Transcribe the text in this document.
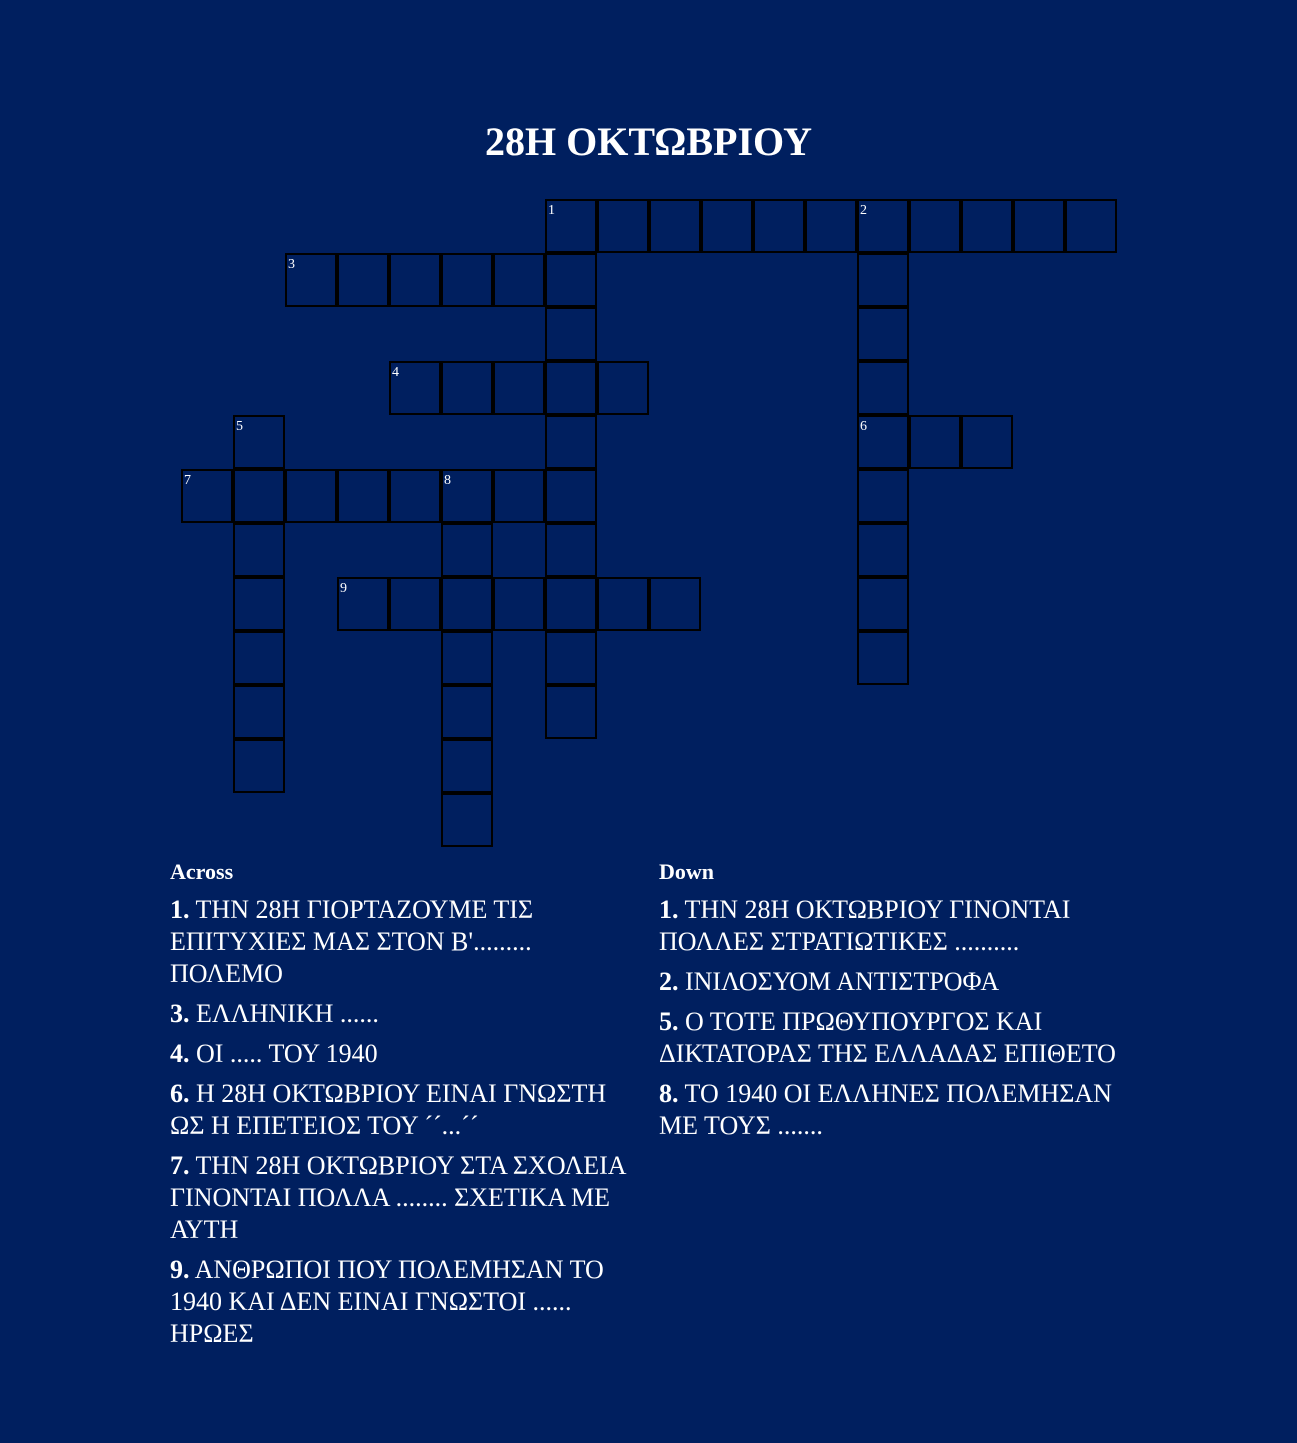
28Η ΟΚΤΩΒΡΙΟΥ
1	2
6
3
4
5
7	8
9
Across
1. ΤΗΝ 28Η ΓΙΟΡΤΑΖΟΥΜΕ ΤΙΣ ΕΠΙΤΥΧΙΕΣ ΜΑΣ ΣΤΟΝ Β'......... ΠΟΛΕΜΟ
3. ΕΛΛΗΝΙΚΗ ......
4. ΟΙ ..... ΤΟΥ 1940
6. Η 28Η ΟΚΤΩΒΡΙΟΥ ΕΙΝΑΙ ΓΝΩΣΤΗ ΩΣ Η ΕΠΕΤΕΙΟΣ ΤΟΥ ´´...´´
7. ΤΗΝ 28Η ΟΚΤΩΒΡΙΟΥ ΣΤΑ ΣΧΟΛΕΙΑ ΓΙΝΟΝΤΑΙ ΠΟΛΛΑ ........ ΣΧΕΤΙΚΑ ΜΕ ΑΥΤΗ
9. ΑΝΘΡΩΠΟΙ ΠΟΥ ΠΟΛΕΜΗΣΑΝ ΤΟ 1940 ΚΑΙ ΔΕΝ ΕΙΝΑΙ ΓΝΩΣΤΟΙ ...... ΗΡΩΕΣ
Down
1. ΤΗΝ 28Η ΟΚΤΩΒΡΙΟΥ ΓΙΝΟΝΤΑΙ ΠΟΛΛΕΣ ΣΤΡΑΤΙΩΤΙΚΕΣ ..........
2. ΙΝΙΛΟΣΥΟΜ ΑΝΤΙΣΤΡΟΦΑ
5. Ο ΤΟΤΕ ΠΡΩΘΥΠΟΥΡΓΟΣ ΚΑΙ ΔΙΚΤΑΤΟΡΑΣ ΤΗΣ ΕΛΛΑΔΑΣ ΕΠΙΘΕΤΟ
8. ΤΟ 1940 ΟΙ ΕΛΛΗΝΕΣ ΠΟΛΕΜΗΣΑΝ ΜΕ ΤΟΥΣ .......
